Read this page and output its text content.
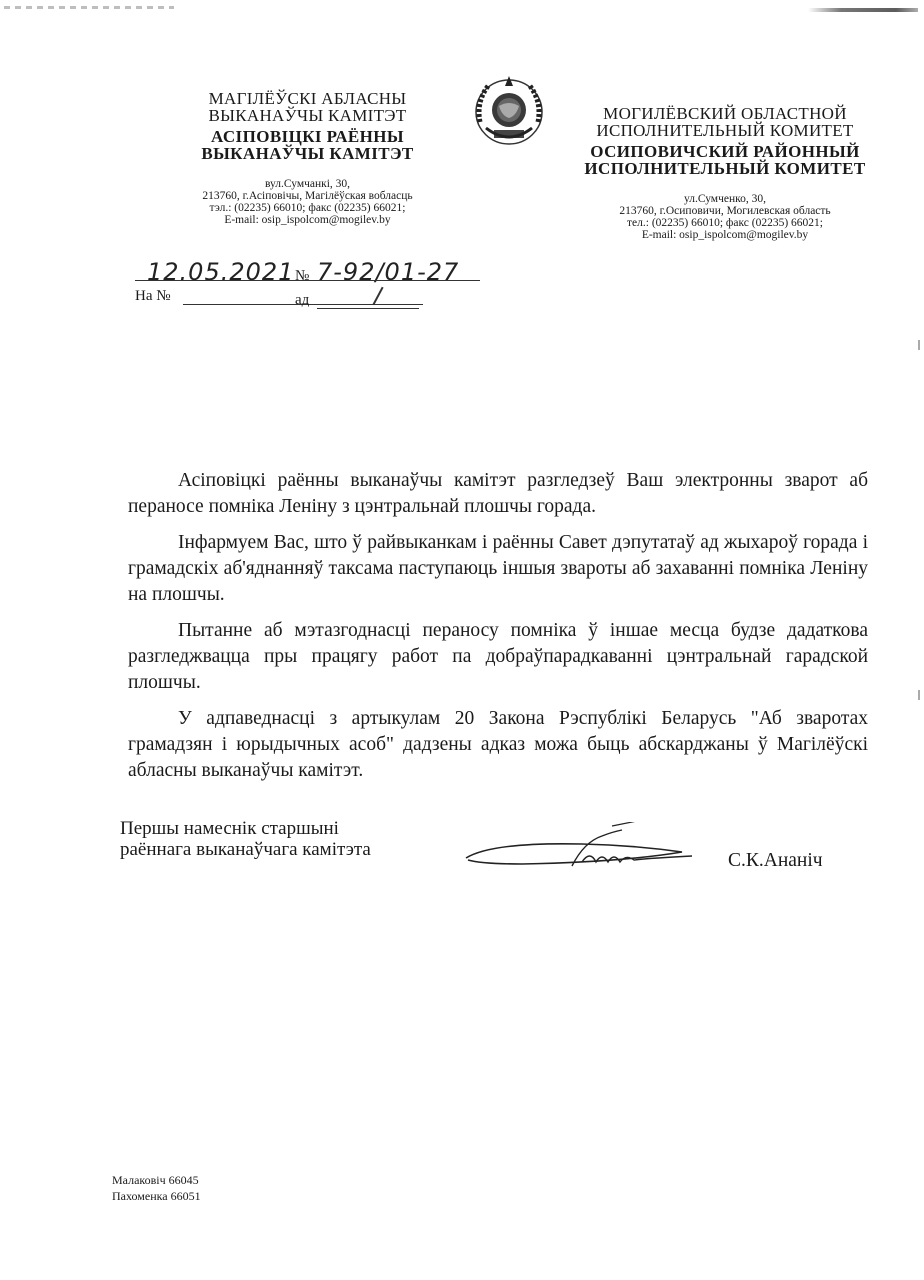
МАГІЛЁЎСКІ АБЛАСНЫ
ВЫКАНАЎЧЫ КАМІТЭТ
АСІПОВІЦКІ РАЁННЫ
ВЫКАНАЎЧЫ КАМІТЭТ
вул.Сумчанкі, 30,
213760, г.Асіповічы, Магілёўская вобласць
тэл.: (02235) 66010; факс (02235) 66021;
E-mail: osip_ispolcom@mogilev.by
МОГИЛЁВСКИЙ ОБЛАСТНОЙ
ИСПОЛНИТЕЛЬНЫЙ КОМИТЕТ
ОСИПОВИЧСКИЙ РАЙОННЫЙ
ИСПОЛНИТЕЛЬНЫЙ КОМИТЕТ
ул.Сумченко, 30,
213760, г.Осиповичи, Могилевская область
тел.: (02235) 66010; факс (02235) 66021;
E-mail: osip_ispolcom@mogilev.by
12.05.2021 № 7-92/01-27
На №	ад

Асіповіцкі раённы выканаўчы камітэт разгледзеў Ваш электронны зварот аб пераносе помніка Леніну з цэнтральнай плошчы горада.

Інфармуем Вас, што ў райвыканкам і раённы Савет дэпутатаў ад жыхароў горада і грамадскіх аб'яднанняў таксама паступаюць іншыя звароты аб захаванні помніка Леніну на плошчы.

Пытанне аб мэтазгоднасці пераносу помніка ў іншае месца будзе дадаткова разгледжвацца пры працягу работ па добраўпарадкаванні цэнтральнай гарадской плошчы.

У адпаведнасці з артыкулам 20 Закона Рэспублікі Беларусь "Аб зваротах грамадзян і юрыдычных асоб" дадзены адказ можа быць абскарджаны ў Магілёўскі абласны выканаўчы камітэт.

Першы намеснік старшыні
раённага выканаўчага камітэта
С.К.Ананіч
Малаковіч 66045
Пахоменка 66051
